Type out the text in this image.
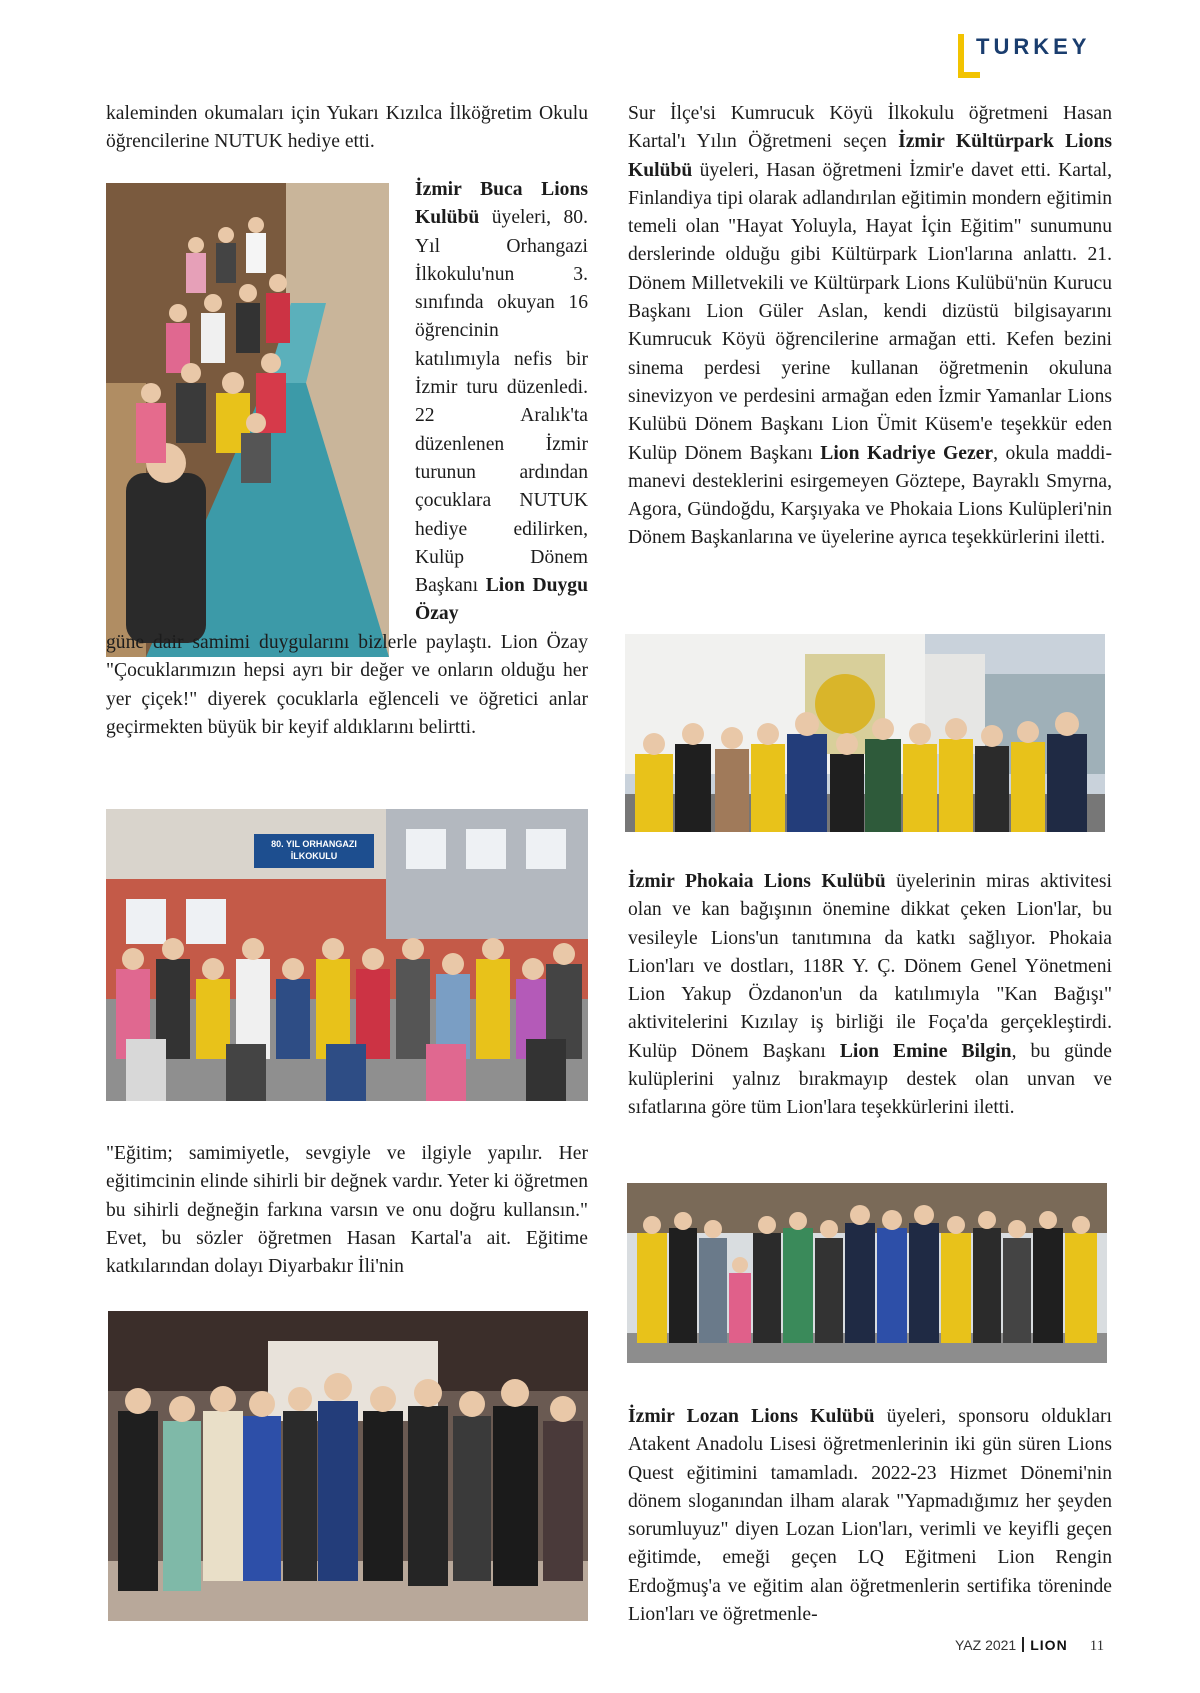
TURKEY

kaleminden okumaları için Yukarı Kızılca İlköğretim Okulu öğrencilerine NUTUK hediye etti.

İzmir Buca Lions Kulübü üyeleri, 80. Yıl Orhangazi İlkokulu'nun 3. sınıfında okuyan 16 öğrencinin katılımıyla nefis bir İzmir turu düzenledi. 22 Aralık'ta düzenlenen İzmir turunun ardından çocuklara NUTUK hediye edilirken, Kulüp Dönem Başkanı Lion Duygu Özay

güne dair samimi duygularını bizlerle paylaştı. Lion Özay "Çocuklarımızın hepsi ayrı bir değer ve onların olduğu her yer çiçek!" diyerek çocuklarla eğlenceli ve öğretici anlar geçirmekten büyük bir keyif aldıklarını belirtti.

80. YIL ORHANGAZI
İLKOKULU

"Eğitim; samimiyetle, sevgiyle ve ilgiyle yapılır. Her eğitimcinin elinde sihirli bir değnek vardır. Yeter ki öğretmen bu sihirli değneğin farkına varsın ve onu doğru kullansın." Evet, bu sözler öğretmen Hasan Kartal'a ait. Eğitime katkılarından dolayı Diyarbakır İli'nin

Sur İlçe'si Kumrucuk Köyü İlkokulu öğretmeni Hasan Kartal'ı Yılın Öğretmeni seçen İzmir Kültürpark Lions Kulübü üyeleri, Hasan öğretmeni İzmir'e davet etti. Kartal, Finlandiya tipi olarak adlandırılan eğitimin mondern eğitimin temeli olan "Hayat Yoluyla, Hayat İçin Eğitim" sunumunu derslerinde olduğu gibi Kültürpark Lion'larına anlattı. 21. Dönem Milletvekili ve Kültürpark Lions Kulübü'nün Kurucu Başkanı Lion Güler Aslan, kendi dizüstü bilgisayarını Kumrucuk Köyü öğrencilerine armağan etti. Kefen bezini sinema perdesi yerine kullanan öğretmenin okuluna sinevizyon ve perdesini armağan eden İzmir Yamanlar Lions Kulübü Dönem Başkanı Lion Ümit Küsem'e teşekkür eden Kulüp Dönem Başkanı Lion Kadriye Gezer, okula maddi-manevi desteklerini esirgemeyen Göztepe, Bayraklı Smyrna, Agora, Gündoğdu, Karşıyaka ve Phokaia Lions Kulüpleri'nin Dönem Başkanlarına ve üyelerine ayrıca teşekkürlerini iletti.

İzmir Phokaia Lions Kulübü üyelerinin miras aktivitesi olan ve kan bağışının önemine dikkat çeken Lion'lar, bu vesileyle Lions'un tanıtımına da katkı sağlıyor. Phokaia Lion'ları ve dostları, 118R Y. Ç. Dönem Genel Yönetmeni Lion Yakup Özdanon'un da katılımıyla "Kan Bağışı" aktivitelerini Kızılay iş birliği ile Foça'da gerçekleştirdi. Kulüp Dönem Başkanı Lion Emine Bilgin, bu günde kulüplerini yalnız bırakmayıp destek olan unvan ve sıfatlarına göre tüm Lion'lara teşekkürlerini iletti.

İzmir Lozan Lions Kulübü üyeleri, sponsoru oldukları Atakent Anadolu Lisesi öğretmenlerinin iki gün süren Lions Quest eğitimini tamamladı. 2022-23 Hizmet Dönemi'nin dönem sloganından ilham alarak "Yapmadığımız her şeyden sorumluyuz" diyen Lozan Lion'ları, verimli ve keyifli geçen eğitimde, emeği geçen LQ Eğitmeni Lion Rengin Erdoğmuş'a ve eğitim alan öğretmenlerin sertifika töreninde Lion'ları ve öğretmenle-

YAZ 2021 LION 11
